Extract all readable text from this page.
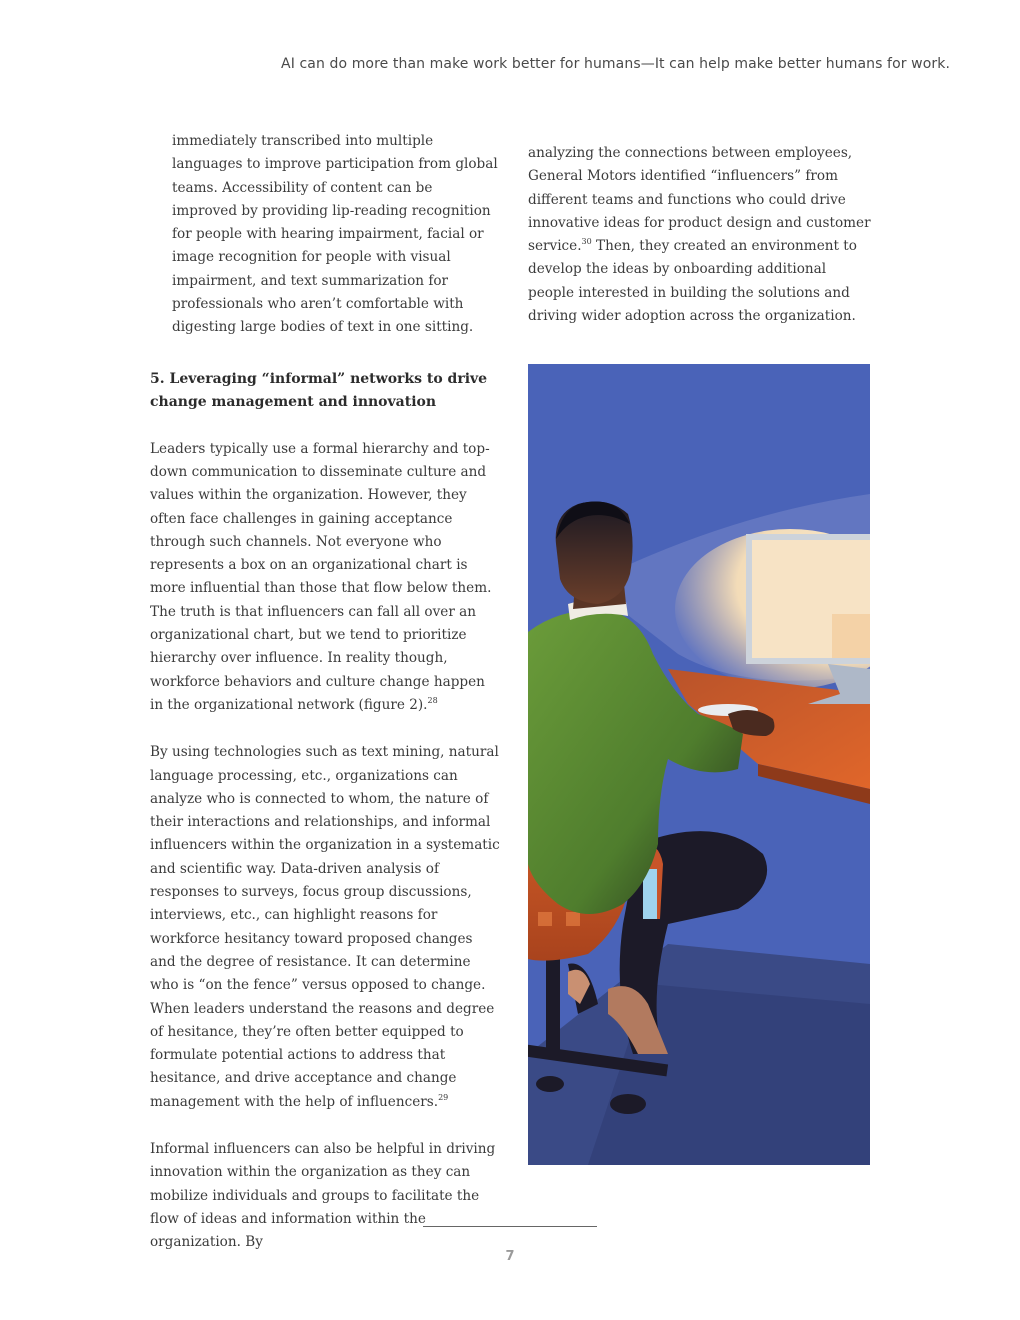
AI can do more than make work better for humans—It can help make better humans for work.

immediately transcribed into multiple languages to improve participation from global teams. Accessibility of content can be improved by providing lip-reading recognition for people with hearing impairment, facial or image recognition for people with visual impairment, and text summarization for professionals who aren’t comfortable with digesting large bodies of text in one sitting.

5. Leveraging “informal” networks to drive change management and innovation

Leaders typically use a formal hierarchy and top-down communication to disseminate culture and values within the organization. However, they often face challenges in gaining acceptance through such channels. Not everyone who represents a box on an organizational chart is more influential than those that flow below them. The truth is that influencers can fall all over an organizational chart, but we tend to prioritize hierarchy over influence. In reality though, workforce behaviors and culture change happen in the organizational network (figure 2).$^{28}$

By using technologies such as text mining, natural language processing, etc., organizations can analyze who is connected to whom, the nature of their interactions and relationships, and informal influencers within the organization in a systematic and scientific way. Data-driven analysis of responses to surveys, focus group discussions, interviews, etc., can highlight reasons for workforce hesitancy toward proposed changes and the degree of resistance. It can determine who is “on the fence” versus opposed to change. When leaders understand the reasons and degree of hesitance, they’re often better equipped to formulate potential actions to address that hesitance, and drive acceptance and change management with the help of influencers.$^{29}$

Informal influencers can also be helpful in driving innovation within the organization as they can mobilize individuals and groups to facilitate the flow of ideas and information within the organization. By

analyzing the connections between employees, General Motors identified “influencers” from different teams and functions who could drive innovative ideas for product design and customer service.$^{30}$ Then, they created an environment to develop the ideas by onboarding additional people interested in building the solutions and driving wider adoption across the organization.

7
